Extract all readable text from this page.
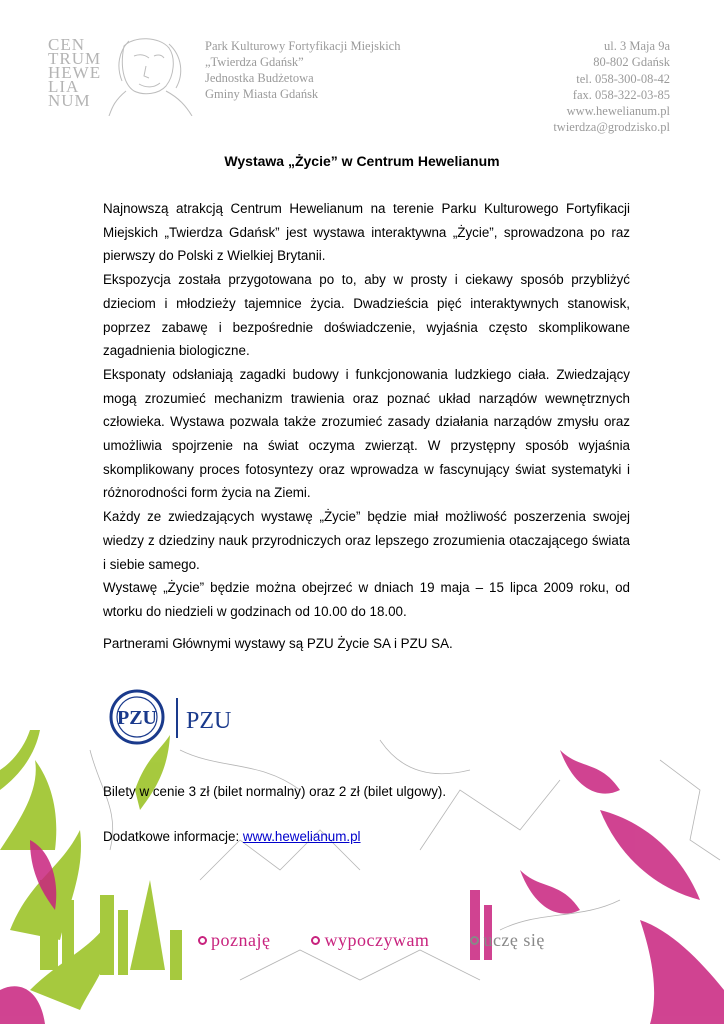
CEN
TRUM
HEWE
LIA
NUM
Park Kulturowy Fortyfikacji Miejskich
„Twierdza Gdańsk”
Jednostka Budżetowa
Gminy Miasta Gdańsk
ul. 3 Maja 9a
80-802 Gdańsk
tel. 058-300-08-42
fax. 058-322-03-85
www.hewelianum.pl
twierdza@grodzisko.pl
Wystawa „Życie” w Centrum Hewelianum

Najnowszą atrakcją Centrum Hewelianum na terenie Parku Kulturowego Fortyfikacji Miejskich „Twierdza Gdańsk” jest wystawa interaktywna „Życie”, sprowadzona po raz pierwszy do Polski z Wielkiej Brytanii.

Ekspozycja została przygotowana po to, aby w prosty i ciekawy sposób przybliżyć dzieciom i młodzieży tajemnice życia. Dwadzieścia pięć interaktywnych stanowisk, poprzez zabawę i bezpośrednie doświadczenie, wyjaśnia często skomplikowane zagadnienia biologiczne.

Eksponaty odsłaniają zagadki budowy i funkcjonowania ludzkiego ciała. Zwiedzający mogą zrozumieć mechanizm trawienia oraz poznać układ narządów wewnętrznych człowieka. Wystawa pozwala także zrozumieć zasady działania narządów zmysłu oraz umożliwia spojrzenie na świat oczyma zwierząt. W przystępny sposób wyjaśnia skomplikowany proces fotosyntezy oraz wprowadza w fascynujący świat systematyki i różnorodności form życia na Ziemi.

Każdy ze zwiedzających wystawę „Życie” będzie miał możliwość poszerzenia swojej wiedzy z dziedziny nauk przyrodniczych oraz lepszego zrozumienia otaczającego świata i siebie samego.

Wystawę „Życie” będzie można obejrzeć w dniach 19 maja – 15 lipca 2009 roku, od wtorku do niedzieli w godzinach od 10.00 do 18.00.

Partnerami Głównymi wystawy są PZU Życie SA i PZU SA.
PZU PZU
Bilety w cenie 3 zł (bilet normalny) oraz 2 zł (bilet ulgowy).
Dodatkowe informacje: www.hewelianum.pl
poznaję	wypoczywam	uczę się
